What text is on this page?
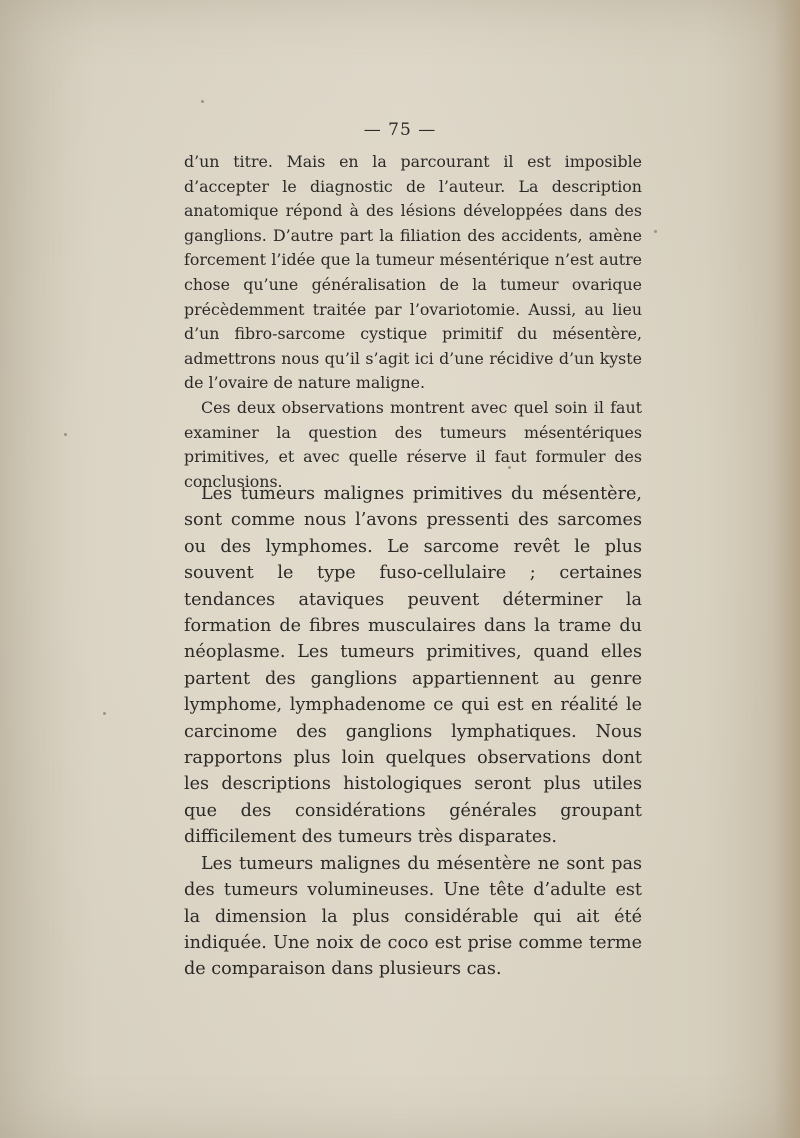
— 75 —

d’un titre. Mais en la parcourant il est imposible d’accepter le diagnostic de l’auteur. La description anatomique répond à des lésions développées dans des ganglions. D’autre part la filiation des accidents, amène forcement l’idée que la tumeur mésentérique n’est autre chose qu’une généralisation de la tumeur ovarique précèdemment traitée par l’ovariotomie. Aussi, au lieu d’un fibro-sarcome cystique primitif du mésentère, admettrons nous qu’il s’agit ici d’une récidive d’un kyste de l’ovaire de nature maligne.

Ces deux observations montrent avec quel soin il faut examiner la question des tumeurs mésentériques primitives, et avec quelle réserve il faut formuler des conclusions.

Les tumeurs malignes primitives du mésentère, sont comme nous l’avons pressenti des sarcomes ou des lymphomes. Le sarcome revêt le plus souvent le type fuso-cellulaire ; certaines tendances ataviques peuvent déterminer la formation de fibres musculaires dans la trame du néoplasme. Les tumeurs primitives, quand elles partent des ganglions appartiennent au genre lymphome, lymphadenome ce qui est en réalité le carcinome des ganglions lymphatiques. Nous rapportons plus loin quelques observations dont les descriptions histologiques seront plus utiles que des considérations générales groupant difficilement des tumeurs très disparates.

Les tumeurs malignes du mésentère ne sont pas des tumeurs volumineuses. Une tête d’adulte est la dimension la plus considérable qui ait été indiquée. Une noix de coco est prise comme terme de comparaison dans plusieurs cas.
